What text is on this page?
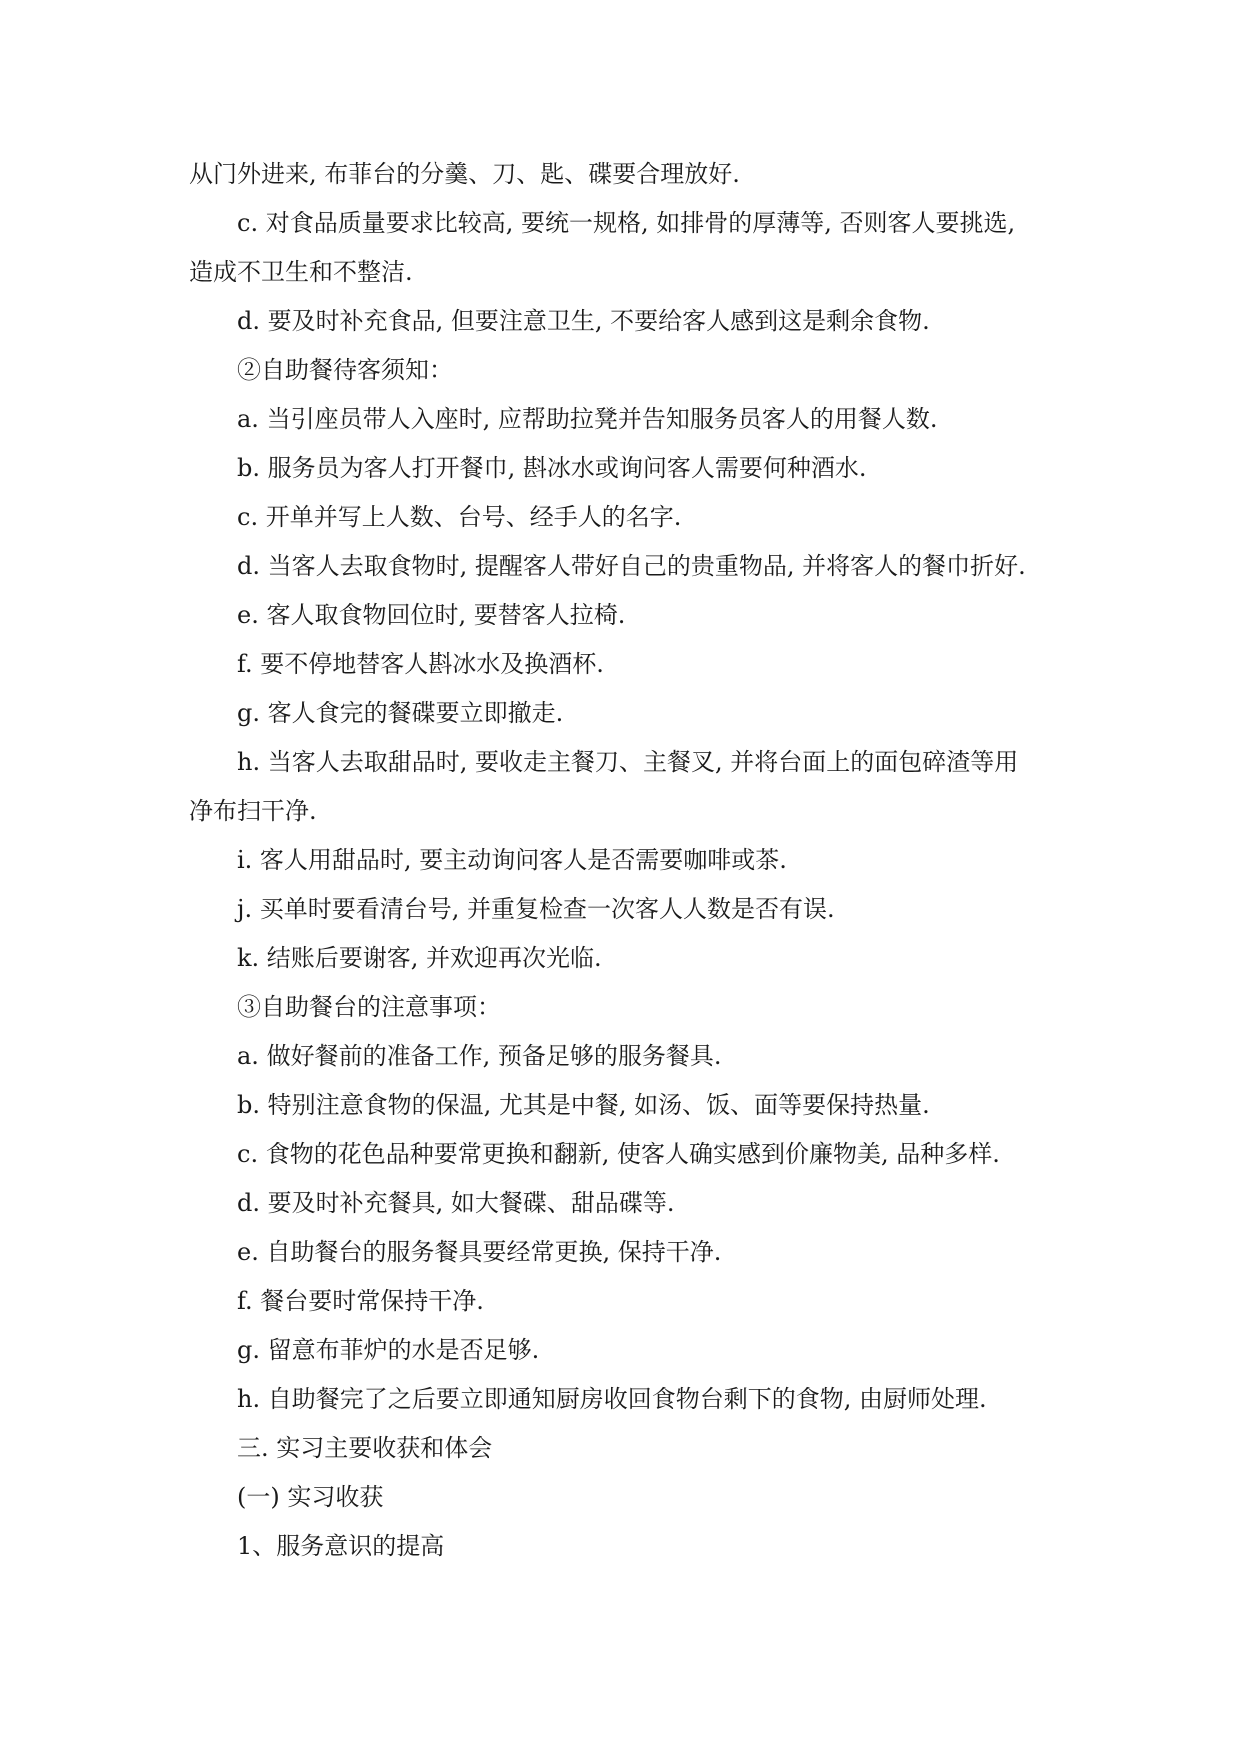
从门外进来, 布菲台的分羹、刀、匙、碟要合理放好.
c. 对食品质量要求比较高, 要统一规格, 如排骨的厚薄等, 否则客人要挑选,
造成不卫生和不整洁.
d. 要及时补充食品, 但要注意卫生, 不要给客人感到这是剩余食物.
②自助餐待客须知：
a. 当引座员带人入座时, 应帮助拉凳并告知服务员客人的用餐人数.
b. 服务员为客人打开餐巾, 斟冰水或询问客人需要何种酒水.
c. 开单并写上人数、台号、经手人的名字.
d. 当客人去取食物时, 提醒客人带好自己的贵重物品, 并将客人的餐巾折好.
e. 客人取食物回位时, 要替客人拉椅.
f. 要不停地替客人斟冰水及换酒杯.
g. 客人食完的餐碟要立即撤走.
h. 当客人去取甜品时, 要收走主餐刀、主餐叉, 并将台面上的面包碎渣等用
净布扫干净.
i. 客人用甜品时, 要主动询问客人是否需要咖啡或茶.
j. 买单时要看清台号, 并重复检查一次客人人数是否有误.
k. 结账后要谢客, 并欢迎再次光临.
③自助餐台的注意事项：
a. 做好餐前的准备工作, 预备足够的服务餐具.
b. 特别注意食物的保温, 尤其是中餐, 如汤、饭、面等要保持热量.
c. 食物的花色品种要常更换和翻新, 使客人确实感到价廉物美, 品种多样.
d. 要及时补充餐具, 如大餐碟、甜品碟等.
e. 自助餐台的服务餐具要经常更换, 保持干净.
f. 餐台要时常保持干净.
g. 留意布菲炉的水是否足够.
h. 自助餐完了之后要立即通知厨房收回食物台剩下的食物, 由厨师处理.
三. 实习主要收获和体会
(一) 实习收获
1、服务意识的提高
